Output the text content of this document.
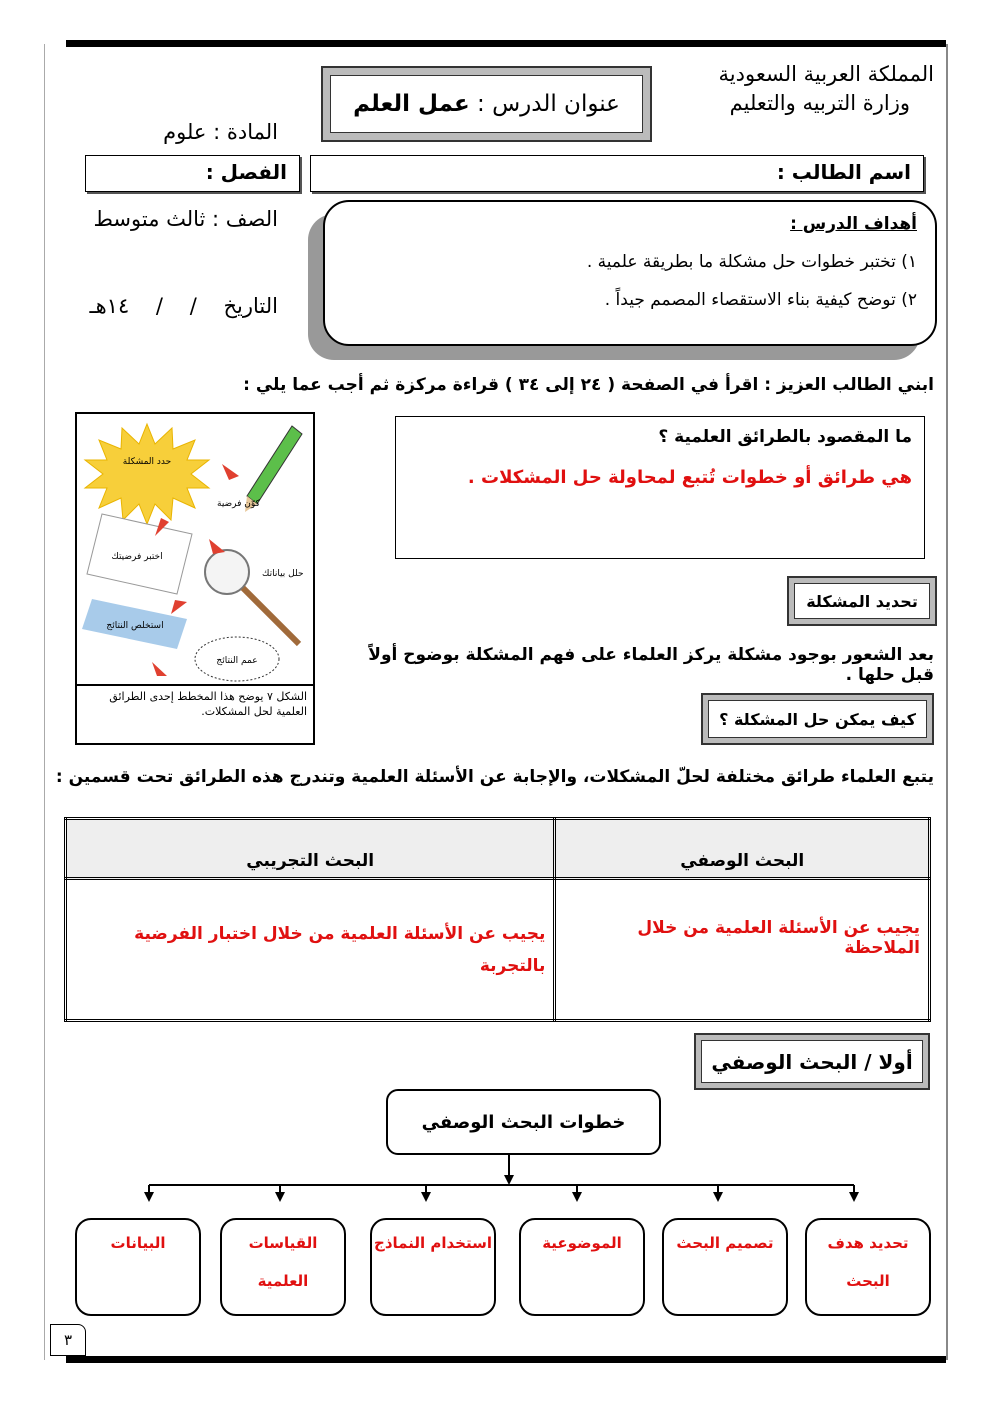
المملكة العربية السعودية
وزارة التربيه والتعليم

المادة : علوم

الصف : ثالث متوسط

التاريخ    /    /    ١٤هـ

عنوان الدرس :

عمل العلم
اسم الطالب :
الفصل :
أهداف الدرس :
١) تختبر خطوات حل مشكلة ما بطريقة علمية .
٢) توضح كيفية بناء الاستقصاء المصمم جيداً .
ابني الطالب العزيز : اقرأ في الصفحة ( ٢٤ إلى ٣٤ ) قراءة مركزة ثم أجب عما يلي :
حدد المشكلة
كوّن فرضية
اختبر فرضيتك
حلل بياناتك
استخلص النتائج
عمم النتائج
الشكل ٧ يوضح هذا المخطط إحدى الطرائق العلمية لحل المشكلات.
ما المقصود بالطرائق العلمية ؟
هي طرائق أو خطوات تُتبع لمحاولة حل المشكلات .
تحديد المشكلة
بعد الشعور بوجود مشكلة يركز العلماء على فهم المشكلة بوضوح أولاً قبل حلها .
كيف يمكن حل المشكلة ؟
يتبع العلماء طرائق مختلفة لحلّ المشكلات، والإجابة عن الأسئلة العلمية وتندرج هذه الطرائق تحت قسمين :
البحث التجريبي	البحث الوصفي
يجيب عن الأسئلة العلمية من خلال اختبار الفرضية بالتجربة	يجيب عن الأسئلة العلمية من خلال الملاحظة
أولا / البحث الوصفي
خطوات البحث الوصفي
تحديد هدف البحث
تصميم البحث
الموضوعية
استخدام النماذج
القياسات العلمية
البيانات
٣
